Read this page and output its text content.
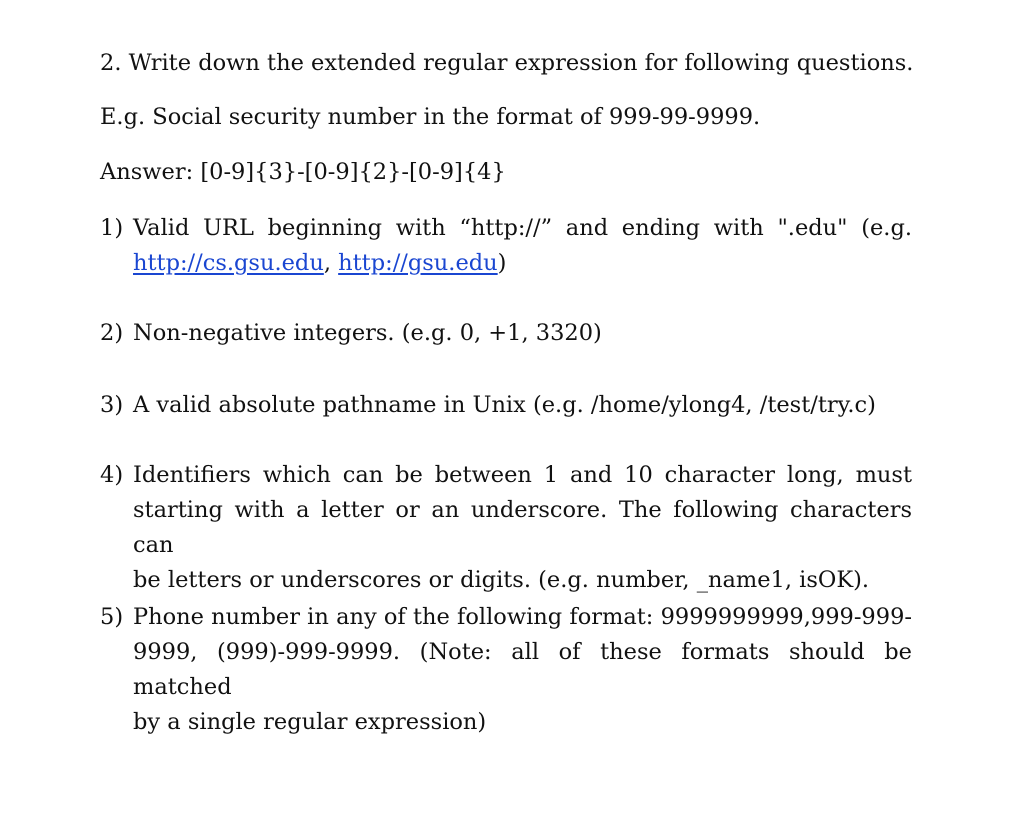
2. Write down the extended regular expression for following questions.
E.g. Social security number in the format of 999-99-9999.
Answer: [0-9]{3}-[0-9]{2}-[0-9]{4}
1) Valid URL beginning with “http://” and ending with ".edu" (e.g.
http://cs.gsu.edu, http://gsu.edu)
2) Non-negative integers. (e.g. 0, +1, 3320)
3) A valid absolute pathname in Unix (e.g. /home/ylong4, /test/try.c)
4) Identifiers which can be between 1 and 10 character long, must
starting with a letter or an underscore. The following characters can
be letters or underscores or digits. (e.g. number, _name1, isOK).
5) Phone number in any of the following format: 9999999999,999-999-
9999, (999)-999-9999. (Note: all of these formats should be matched
by a single regular expression)
